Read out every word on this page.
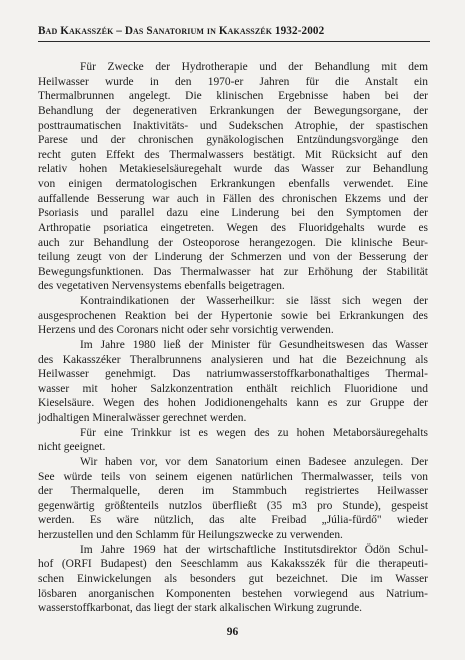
Bad Kakasszék – Das Sanatorium in Kakasszék 1932-2002
Für Zwecke der Hydrotherapie und der Behandlung mit dem
Heilwasser wurde in den 1970-er Jahren für die Anstalt ein
Thermalbrunnen angelegt. Die klinischen Ergebnisse haben bei der
Behandlung der degenerativen Erkrankungen der Bewegungsorgane, der
posttraumatischen Inaktivitäts- und Sudekschen Atrophie, der spastischen
Parese und der chronischen gynäkologischen Entzündungsvorgänge den
recht guten Effekt des Thermalwassers bestätigt. Mit Rücksicht auf den
relativ hohen Metakieselsäuregehalt wurde das Wasser zur Behandlung
von einigen dermatologischen Erkrankungen ebenfalls verwendet. Eine
auffallende Besserung war auch in Fällen des chronischen Ekzems und der
Psoriasis und parallel dazu eine Linderung bei den Symptomen der
Arthropatie psoriatica eingetreten. Wegen des Fluoridgehalts wurde es
auch zur Behandlung der Osteoporose herangezogen. Die klinische Beur-
teilung zeugt von der Linderung der Schmerzen und von der Besserung der
Bewegungsfunktionen. Das Thermalwasser hat zur Erhöhung der Stabilität
des vegetativen Nervensystems ebenfalls beigetragen.
Kontraindikationen der Wasserheilkur: sie lässt sich wegen der
ausgesprochenen Reaktion bei der Hypertonie sowie bei Erkrankungen des
Herzens und des Coronars nicht oder sehr vorsichtig verwenden.
Im Jahre 1980 ließ der Minister für Gesundheitswesen das Wasser
des Kakasszéker Theralbrunnens analysieren und hat die Bezeichnung als
Heilwasser genehmigt. Das natriumwasserstoffkarbonathaltiges Thermal-
wasser mit hoher Salzkonzentration enthält reichlich Fluoridione und
Kieselsäure. Wegen des hohen Jodidionengehalts kann es zur Gruppe der
jodhaltigen Mineralwässer gerechnet werden.
Für eine Trinkkur ist es wegen des zu hohen Metaborsäuregehalts
nicht geeignet.
Wir haben vor, vor dem Sanatorium einen Badesee anzulegen. Der
See würde teils von seinem eigenen natürlichen Thermalwasser, teils von
der Thermalquelle, deren im Stammbuch registriertes Heilwasser
gegenwärtig größtenteils nutzlos überfließt (35 m3 pro Stunde), gespeist
werden. Es wäre nützlich, das alte Freibad „Júlia-fürdő" wieder
herzustellen und den Schlamm für Heilungszwecke zu verwenden.
Im Jahre 1969 hat der wirtschaftliche Institutsdirektor Ödön Schul-
hof (ORFI Budapest) den Seeschlamm aus Kakaksszék für die therapeuti-
schen Einwickelungen als besonders gut bezeichnet. Die im Wasser
lösbaren anorganischen Komponenten bestehen vorwiegend aus Natrium-
wasserstoffkarbonat, das liegt der stark alkalischen Wirkung zugrunde.
96
